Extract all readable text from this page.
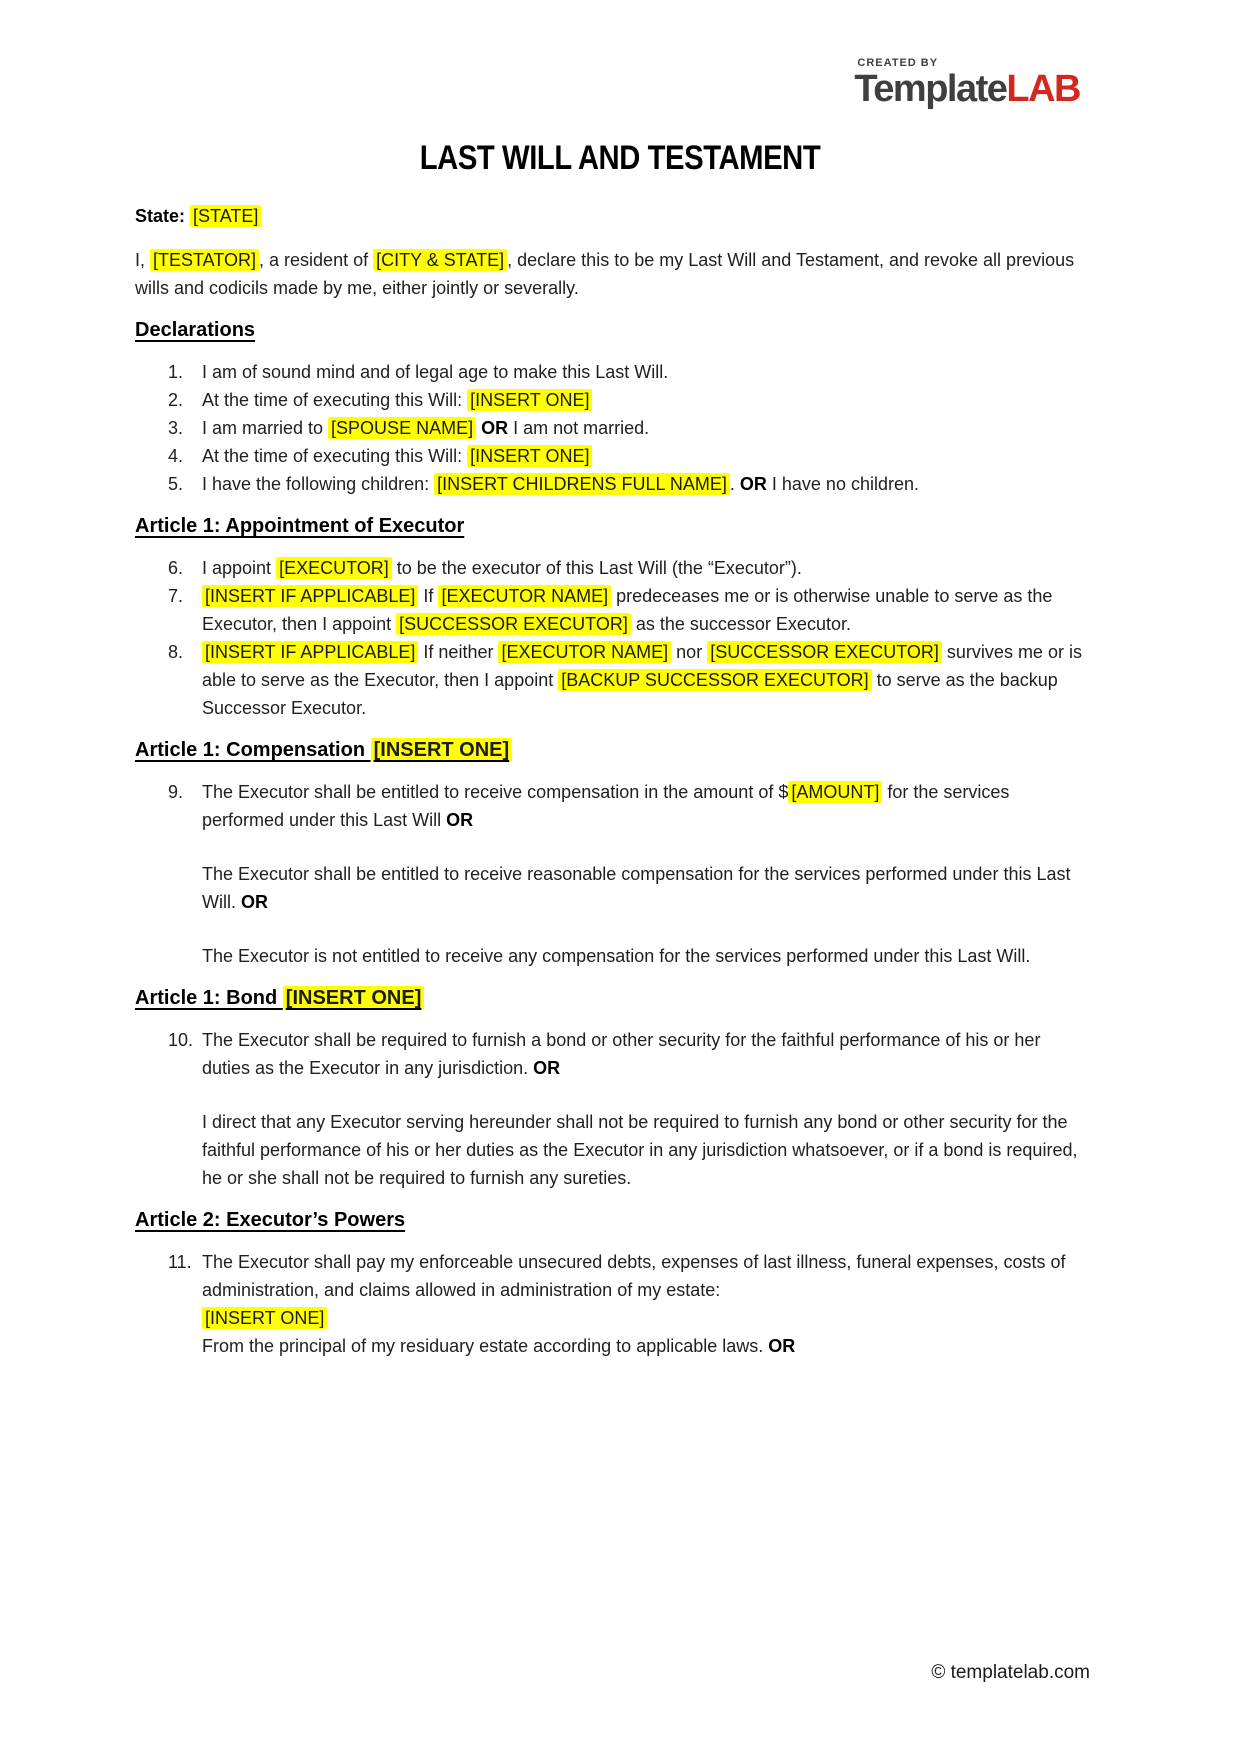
CREATED BY
TemplateLAB
LAST WILL AND TESTAMENT

State: [STATE]

I, [TESTATOR] , a resident of [CITY & STATE] , declare this to be my Last Will and Testament, and revoke all previous wills and codicils made by me, either jointly or severally.

Declarations
1.	I am of sound mind and of legal age to make this Last Will.
2.	At the time of executing this Will: [INSERT ONE]
3.	I am married to [SPOUSE NAME] OR I am not married.
4.	At the time of executing this Will: [INSERT ONE]
5.	I have the following children: [INSERT CHILDRENS FULL NAME] . OR I have no children.
Article 1: Appointment of Executor
6.	I appoint [EXECUTOR] to be the executor of this Last Will (the “Executor”).
7.	[INSERT IF APPLICABLE] If [EXECUTOR NAME] predeceases me or is otherwise unable to serve as the Executor, then I appoint [SUCCESSOR EXECUTOR] as the successor Executor.
8.	[INSERT IF APPLICABLE] If neither [EXECUTOR NAME] nor [SUCCESSOR EXECUTOR] survives me or is able to serve as the Executor, then I appoint [BACKUP SUCCESSOR EXECUTOR] to serve as the backup Successor Executor.
Article 1: Compensation [INSERT ONE]
9.	The Executor shall be entitled to receive compensation in the amount of $ [AMOUNT] for the services performed under this Last Will OR
The Executor shall be entitled to receive reasonable compensation for the services performed under this Last Will. OR
The Executor is not entitled to receive any compensation for the services performed under this Last Will.
Article 1: Bond [INSERT ONE]
10. The Executor shall be required to furnish a bond or other security for the faithful performance of his or her duties as the Executor in any jurisdiction. OR
I direct that any Executor serving hereunder shall not be required to furnish any bond or other security for the faithful performance of his or her duties as the Executor in any jurisdiction whatsoever, or if a bond is required, he or she shall not be required to furnish any sureties.
Article 2: Executor’s Powers
11. The Executor shall pay my enforceable unsecured debts, expenses of last illness, funeral expenses, costs of administration, and claims allowed in administration of my estate:
[INSERT ONE]
From the principal of my residuary estate according to applicable laws. OR
© templatelab.com
